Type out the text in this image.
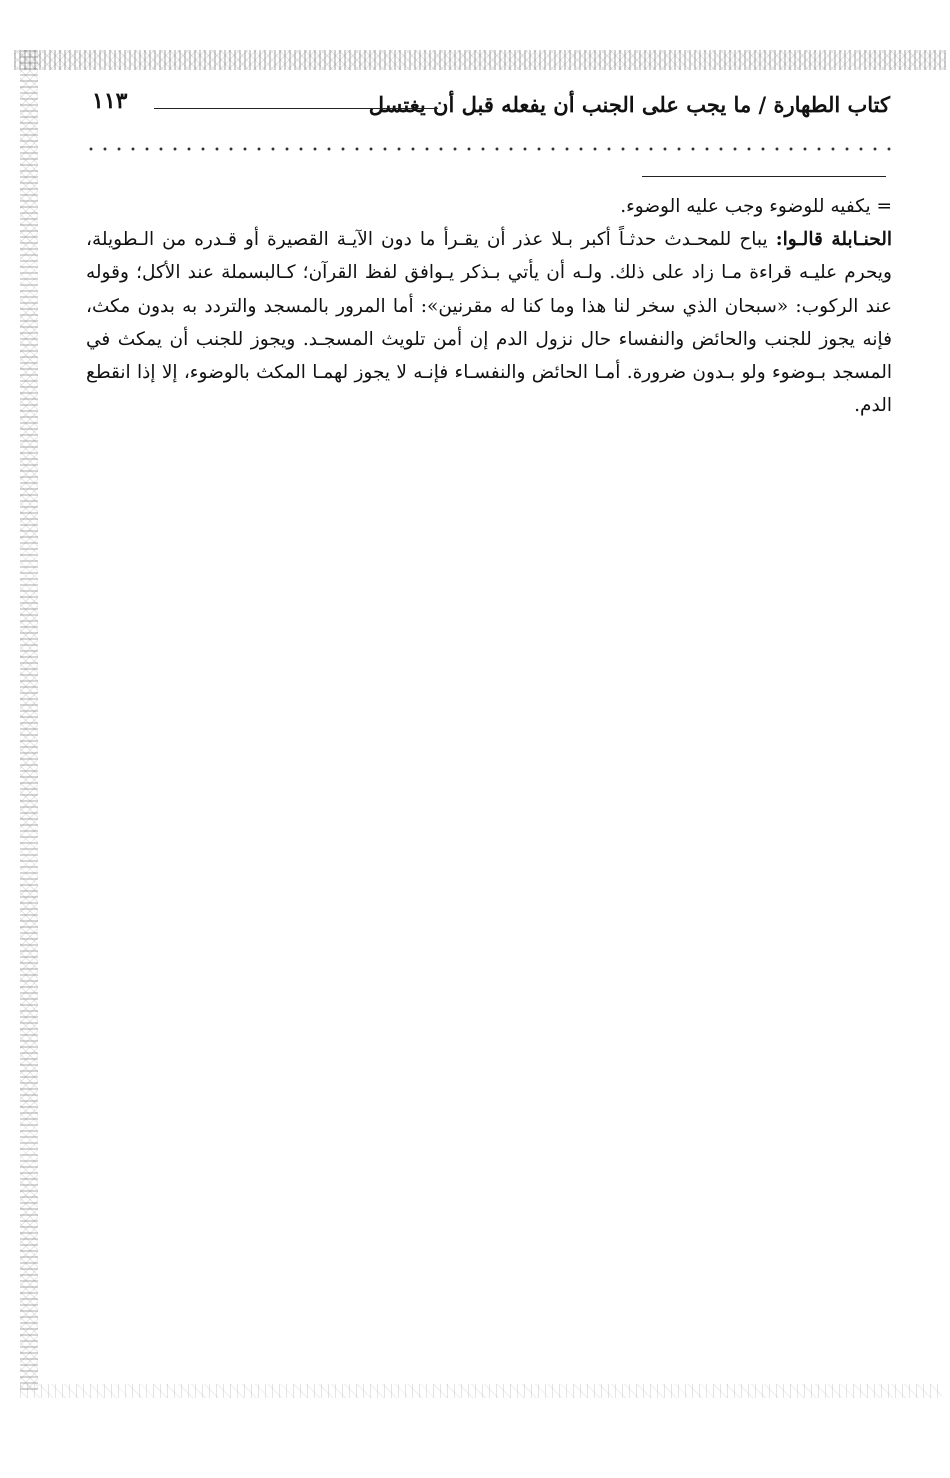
كتاب الطهارة / ما يجب على الجنب أن يفعله قبل أن يغتسل
١١٣

= يكفيه للوضوء وجب عليه الوضوء.

الحنـابلة قالـوا: يباح للمحـدث حدثـاً أكبر بـلا عذر أن يقـرأ ما دون الآيـة القصيرة أو قـدره من الـطويلة، ويحرم عليـه قراءة مـا زاد على ذلك. ولـه أن يأتي بـذكر يـوافق لفظ القرآن؛ كـالبسملة عند الأكل؛ وقوله عند الركوب: «سبحان الذي سخر لنا هذا وما كنا له مقرنين»: أما المرور بالمسجد والتردد به بدون مكث، فإنه يجوز للجنب والحائض والنفساء حال نزول الدم إن أمن تلويث المسجـد. ويجوز للجنب أن يمكث في المسجد بـوضوء ولو بـدون ضرورة. أمـا الحائض والنفسـاء فإنـه لا يجوز لهمـا المكث بالوضوء، إلا إذا انقطع الدم.
